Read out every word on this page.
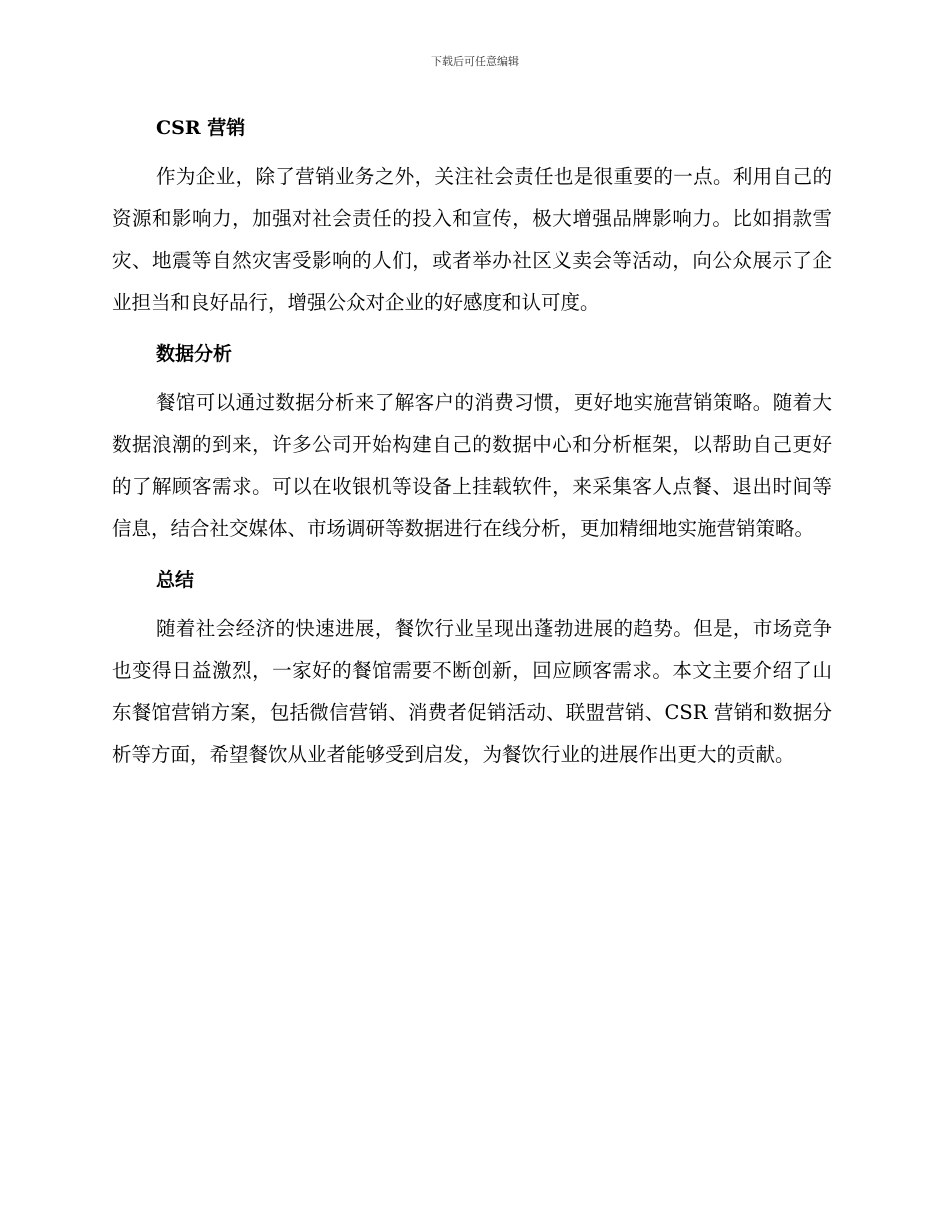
下载后可任意编辑
CSR 营销

作为企业，除了营销业务之外，关注社会责任也是很重要的一点。利用自己的资源和影响力，加强对社会责任的投入和宣传，极大增强品牌影响力。比如捐款雪灾、地震等自然灾害受影响的人们，或者举办社区义卖会等活动，向公众展示了企业担当和良好品行，增强公众对企业的好感度和认可度。

数据分析

餐馆可以通过数据分析来了解客户的消费习惯，更好地实施营销策略。随着大数据浪潮的到来，许多公司开始构建自己的数据中心和分析框架，以帮助自己更好的了解顾客需求。可以在收银机等设备上挂载软件，来采集客人点餐、退出时间等信息，结合社交媒体、市场调研等数据进行在线分析，更加精细地实施营销策略。

总结

随着社会经济的快速进展，餐饮行业呈现出蓬勃进展的趋势。但是，市场竞争也变得日益激烈，一家好的餐馆需要不断创新，回应顾客需求。本文主要介绍了山东餐馆营销方案，包括微信营销、消费者促销活动、联盟营销、CSR 营销和数据分析等方面，希望餐饮从业者能够受到启发，为餐饮行业的进展作出更大的贡献。
